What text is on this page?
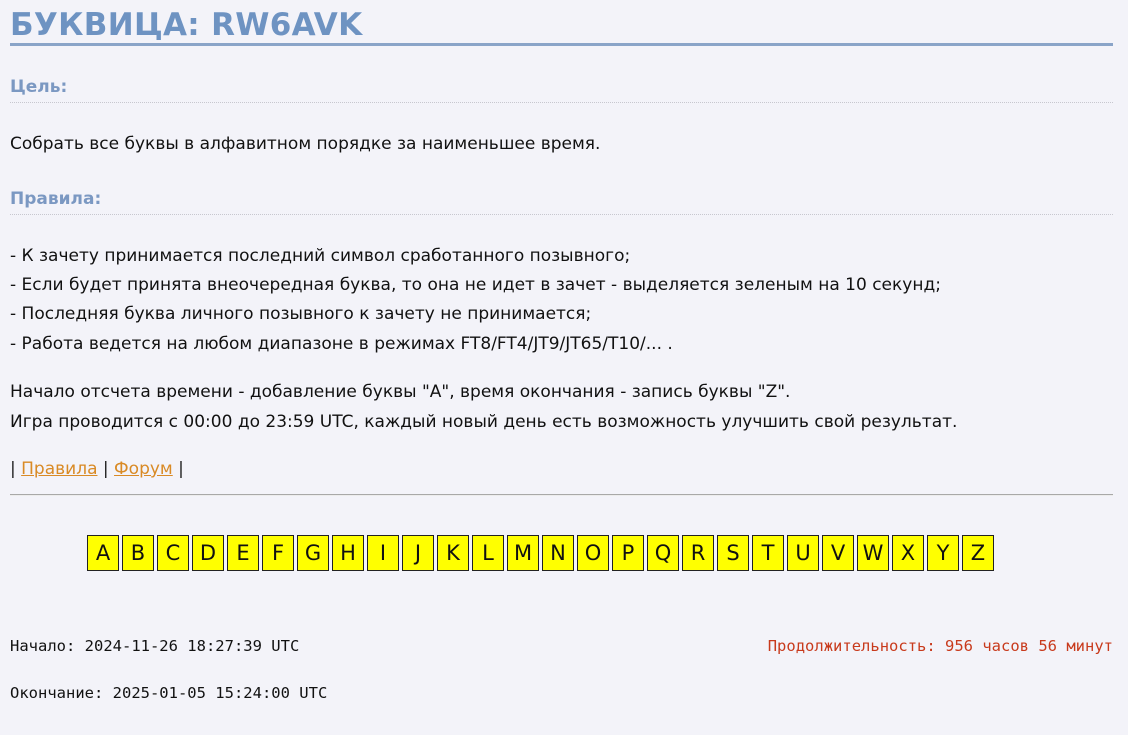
БУКВИЦА: RW6AVK
Цель:
Собрать все буквы в алфавитном порядке за наименьшее время.
Правила:
- К зачету принимается последний символ сработанного позывного;
- Если будет принята внеочередная буква, то она не идет в зачет - выделяется зеленым на 10 секунд;
- Последняя буква личного позывного к зачету не принимается;
- Работа ведется на любом диапазоне в режимах FT8/FT4/JT9/JT65/T10/... .
Начало отсчета времени - добавление буквы "A", время окончания - запись буквы "Z".
Игра проводится с 00:00 до 23:59 UTC, каждый новый день есть возможность улучшить свой результат.
| Правила | Форум |
A B C D E	F G H	I	J	K	L M N O P Q R	S	T U V W X	Y	Z
Начало: 2024-11-26 18:27:39 UTC	Продолжительность: 956 часов 56 минут
Окончание: 2025-01-05 15:24:00 UTC
